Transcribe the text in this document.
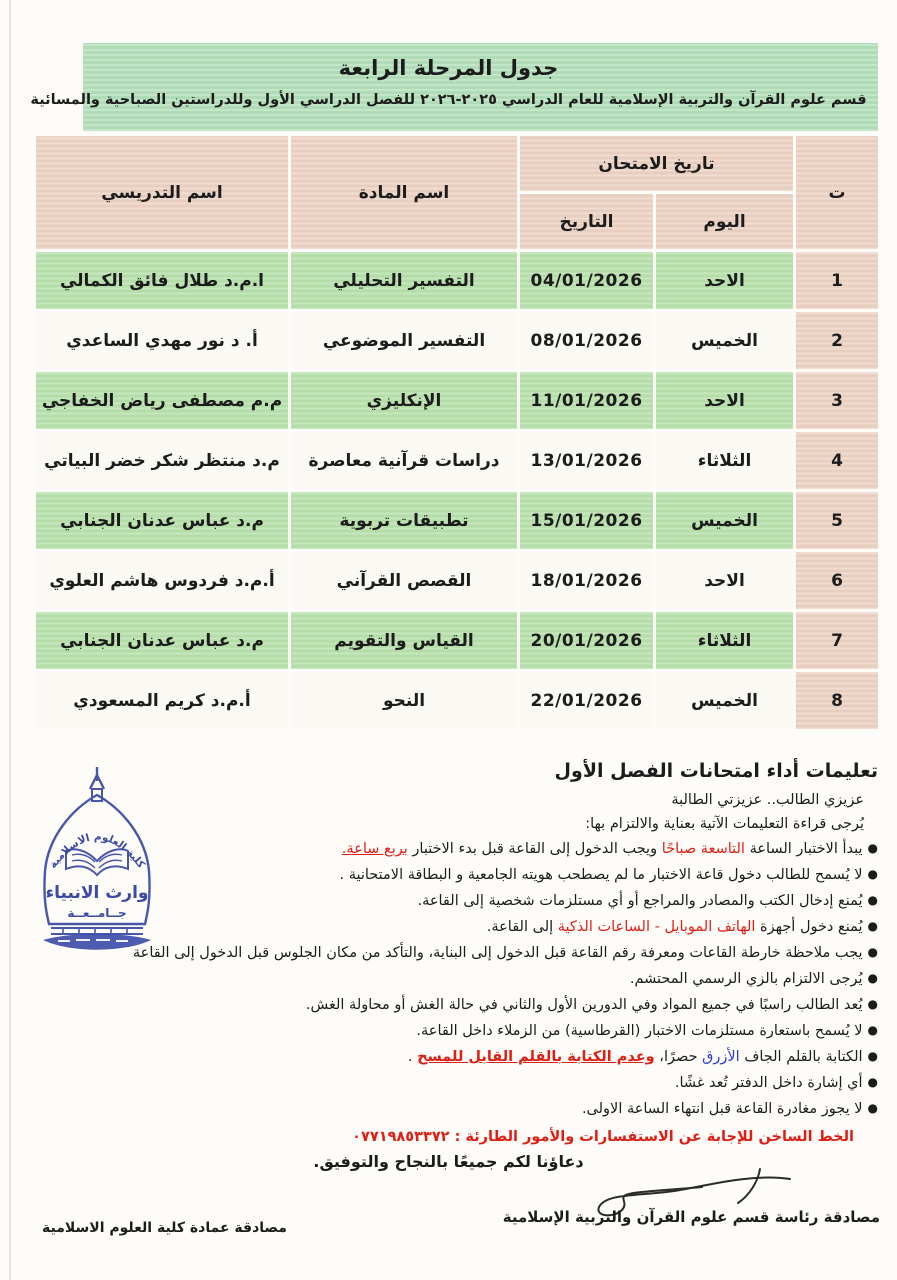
جدول المرحلة الرابعة
قسم علوم القرآن والتربية الإسلامية للعام الدراسي ٢٠٢٥-٢٠٢٦ للفصل الدراسي الأول وللدراستين الصباحية والمسائية
ت	تاريخ الامتحان		اسم المادة	اسم التدريسي
	اليوم	التاريخ		
1	الاحد	04/01/2026	التفسير التحليلي	ا.م.د طلال فائق الكمالي
2	الخميس	08/01/2026	التفسير الموضوعي	أ. د نور مهدي الساعدي
3	الاحد	11/01/2026	الإنكليزي	م.م مصطفى رياض الخفاجي
4	الثلاثاء	13/01/2026	دراسات قرآنية معاصرة	م.د منتظر شكر خضر البياتي
5	الخميس	15/01/2026	تطبيقات تربوية	م.د عباس عدنان الجنابي
6	الاحد	18/01/2026	القصص القرآني	أ.م.د فردوس هاشم العلوي
7	الثلاثاء	20/01/2026	القياس والتقويم	م.د عباس عدنان الجنابي
8	الخميس	22/01/2026	النحو	أ.م.د كريم المسعودي
تعليمات أداء امتحانات الفصل الأول
عزيزي الطالب.. عزيزتي الطالبة
يُرجى قراءة التعليمات الآتية بعناية والالتزام بها:
●يبدأ الاختبار الساعة التاسعة صباحًا ويجب الدخول إلى القاعة قبل بدء الاختبار بربع ساعة.
●لا يُسمح للطالب دخول قاعة الاختبار ما لم يصطحب هويته الجامعية و البطاقة الامتحانية .
●يُمنع إدخال الكتب والمصادر والمراجع أو أي مستلزمات شخصية إلى القاعة.
●يُمنع دخول أجهزة الهاتف الموبايل - الساعات الذكية إلى القاعة.
●يجب ملاحظة خارطة القاعات ومعرفة رقم القاعة قبل الدخول إلى البناية، والتأكد من مكان الجلوس قبل الدخول إلى القاعة
●يُرجى الالتزام بالزي الرسمي المحتشم.
●يُعد الطالب راسبًا في جميع المواد وفي الدورين الأول والثاني في حالة الغش أو محاولة الغش.
●لا يُسمح باستعارة مستلزمات الاختبار (القرطاسية) من الزملاء داخل القاعة.
●الكتابة بالقلم الجاف الأزرق حصرًا، وعدم الكتابة بالقلم القابل للمسح .
●أي إشارة داخل الدفتر تُعد غشًا.
●لا يجوز مغادرة القاعة قبل انتهاء الساعة الاولى.
الخط الساخن للإجابة عن الاستفسارات والأمور الطارئة : ٠٧٧١٩٨٥٣٣٧٢
كلية العلوم الاسلامية
وارث الانبياء
جــامــعــة
دعاؤنا لكم جميعًا بالنجاح والتوفيق.
مصادقة رئاسة قسم علوم القرآن والتربية الإسلامية
مصادقة عمادة كلية العلوم الاسلامية
